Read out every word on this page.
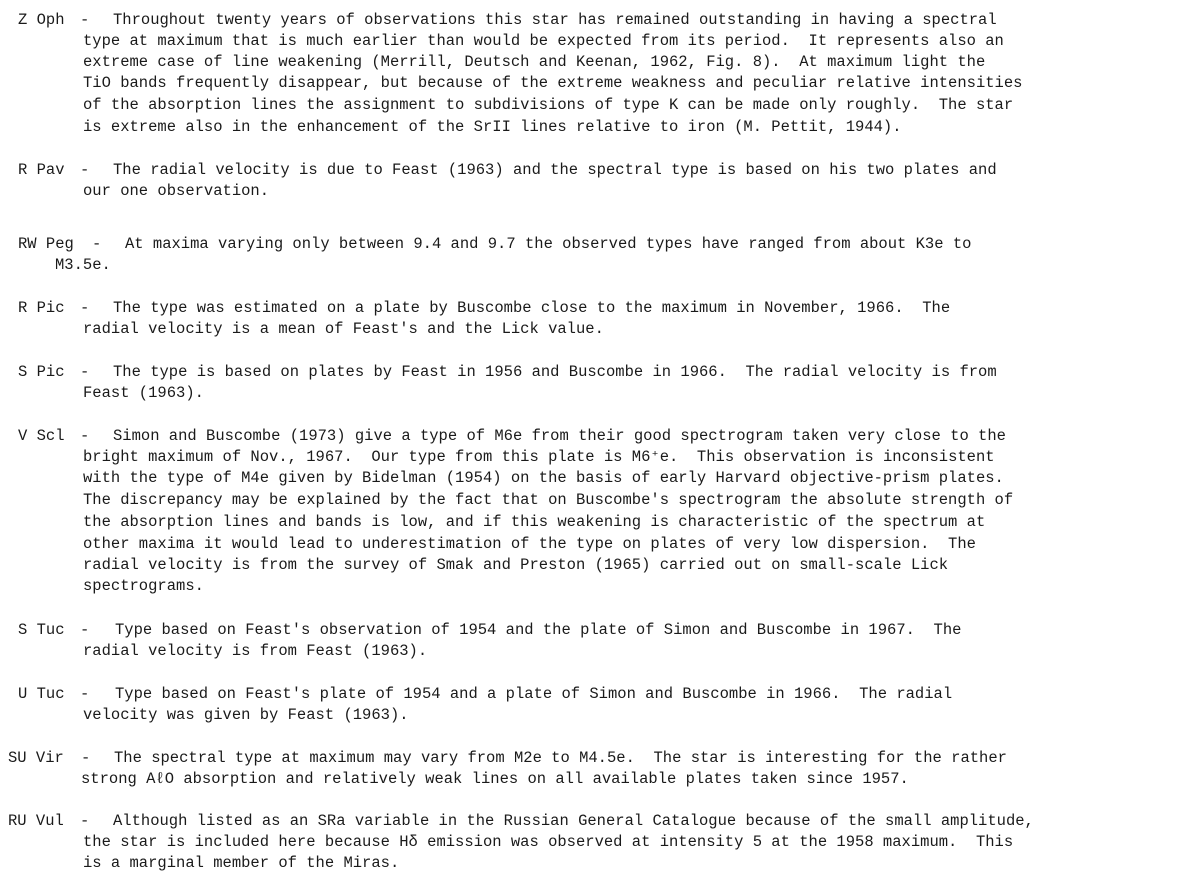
Z Oph - Throughout twenty years of observations this star has remained outstanding in having a spectral
type at maximum that is much earlier than would be expected from its period.  It represents also an
extreme case of line weakening (Merrill, Deutsch and Keenan, 1962, Fig. 8).  At maximum light the
TiO bands frequently disappear, but because of the extreme weakness and peculiar relative intensities
of the absorption lines the assignment to subdivisions of type K can be made only roughly.  The star
is extreme also in the enhancement of the SrII lines relative to iron (M. Pettit, 1944).
R Pav - The radial velocity is due to Feast (1963) and the spectral type is based on his two plates and
our one observation.
RW Peg - At maxima varying only between 9.4 and 9.7 the observed types have ranged from about K3e to
M3.5e.
R Pic - The type was estimated on a plate by Buscombe close to the maximum in November, 1966.  The
radial velocity is a mean of Feast's and the Lick value.
S Pic - The type is based on plates by Feast in 1956 and Buscombe in 1966.  The radial velocity is from
Feast (1963).
V Scl - Simon and Buscombe (1973) give a type of M6e from their good spectrogram taken very close to the
bright maximum of Nov., 1967.  Our type from this plate is M6⁺e.  This observation is inconsistent
with the type of M4e given by Bidelman (1954) on the basis of early Harvard objective-prism plates.
The discrepancy may be explained by the fact that on Buscombe's spectrogram the absolute strength of
the absorption lines and bands is low, and if this weakening is characteristic of the spectrum at
other maxima it would lead to underestimation of the type on plates of very low dispersion.  The
radial velocity is from the survey of Smak and Preston (1965) carried out on small-scale Lick
spectrograms.
S Tuc - Type based on Feast's observation of 1954 and the plate of Simon and Buscombe in 1967.  The
radial velocity is from Feast (1963).
U Tuc - Type based on Feast's plate of 1954 and a plate of Simon and Buscombe in 1966.  The radial
velocity was given by Feast (1963).
SU Vir - The spectral type at maximum may vary from M2e to M4.5e.  The star is interesting for the rather
strong AℓO absorption and relatively weak lines on all available plates taken since 1957.
RU Vul - Although listed as an SRa variable in the Russian General Catalogue because of the small amplitude,
the star is included here because Hδ emission was observed at intensity 5 at the 1958 maximum.  This
is a marginal member of the Miras.
